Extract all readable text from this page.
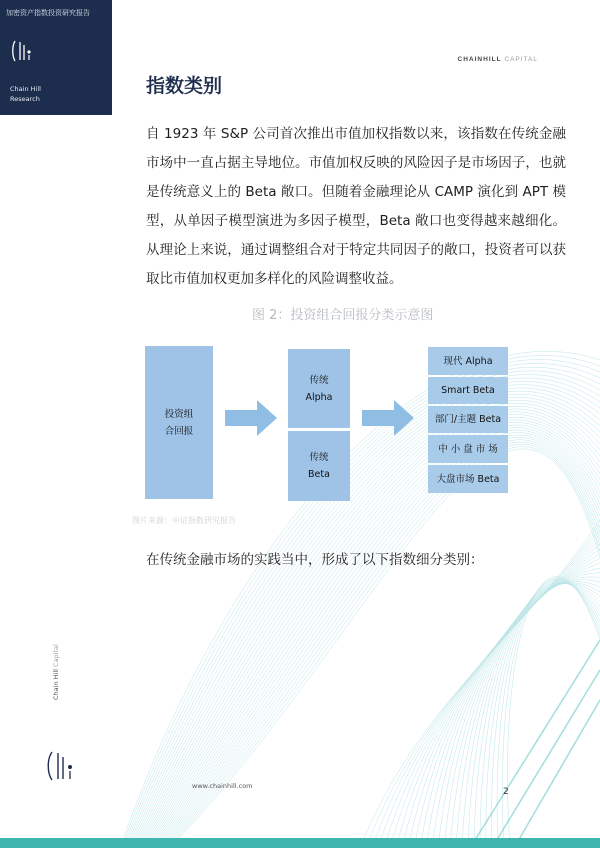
加密资产指数投资研究报告
Chain Hill
Research
CHAINHILL CAPITAL
指数类别
自 1923 年 S&P 公司首次推出市值加权指数以来，该指数在传统金融市场中一直占据主导地位。市值加权反映的风险因子是市场因子，也就是传统意义上的 Beta 敞口。但随着金融理论从 CAMP 演化到 APT 模型，从单因子模型演进为多因子模型，Beta 敞口也变得越来越细化。从理论上来说，通过调整组合对于特定共同因子的敞口，投资者可以获取比市值加权更加多样化的风险调整收益。
图 2：投资组合回报分类示意图
投资组
合回报
传统
Alpha
传统
Beta
现代 Alpha
Smart Beta
部门/主题 Beta
中 小 盘 市 场
大盘市场 Beta
图片来源：中证指数研究报告
在传统金融市场的实践当中，形成了以下指数细分类别：
Chain Hill Capital
www.chainhill.com
2
